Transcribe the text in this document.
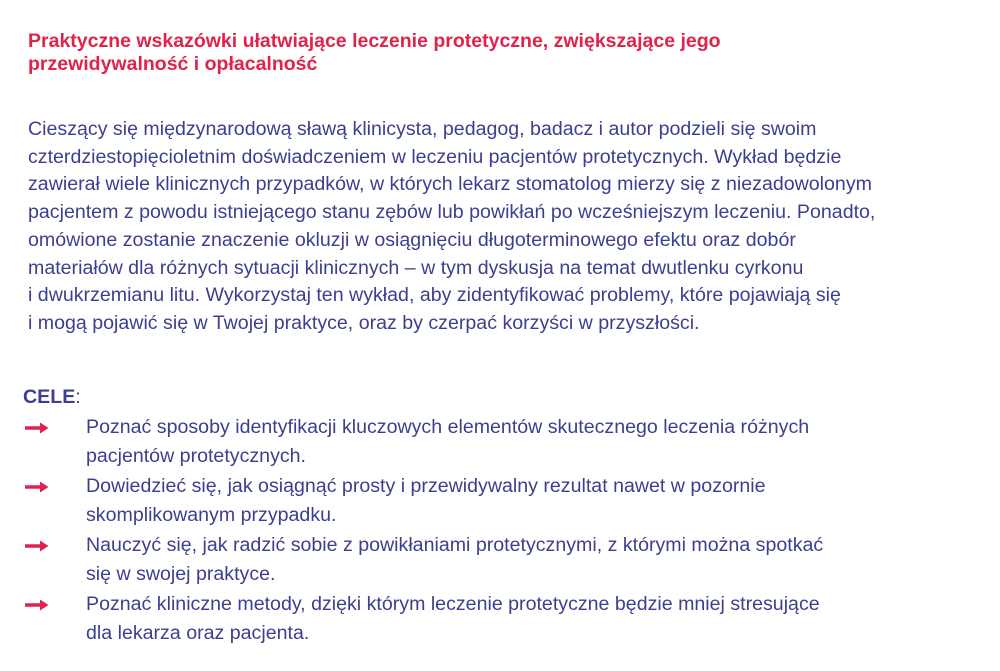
Praktyczne wskazówki ułatwiające leczenie protetyczne, zwiększające jego
przewidywalność i opłacalność

Cieszący się międzynarodową sławą klinicysta, pedagog, badacz i autor podzieli się swoim
czterdziestopięcioletnim doświadczeniem w leczeniu pacjentów protetycznych. Wykład będzie
zawierał wiele klinicznych przypadków, w których lekarz stomatolog mierzy się z niezadowolonym
pacjentem z powodu istniejącego stanu zębów lub powikłań po wcześniejszym leczeniu. Ponadto,
omówione zostanie znaczenie okluzji w osiągnięciu długoterminowego efektu oraz dobór
materiałów dla różnych sytuacji klinicznych – w tym dyskusja na temat dwutlenku cyrkonu
i dwukrzemianu litu. Wykorzystaj ten wykład, aby zidentyfikować problemy, które pojawiają się
i mogą pojawić się w Twojej praktyce, oraz by czerpać korzyści w przyszłości.

CELE:
Poznać sposoby identyfikacji kluczowych elementów skutecznego leczenia różnych
pacjentów protetycznych.
Dowiedzieć się, jak osiągnąć prosty i przewidywalny rezultat nawet w pozornie
skomplikowanym przypadku.
Nauczyć się, jak radzić sobie z powikłaniami protetycznymi, z którymi można spotkać
się w swojej praktyce.
Poznać kliniczne metody, dzięki którym leczenie protetyczne będzie mniej stresujące
dla lekarza oraz pacjenta.
